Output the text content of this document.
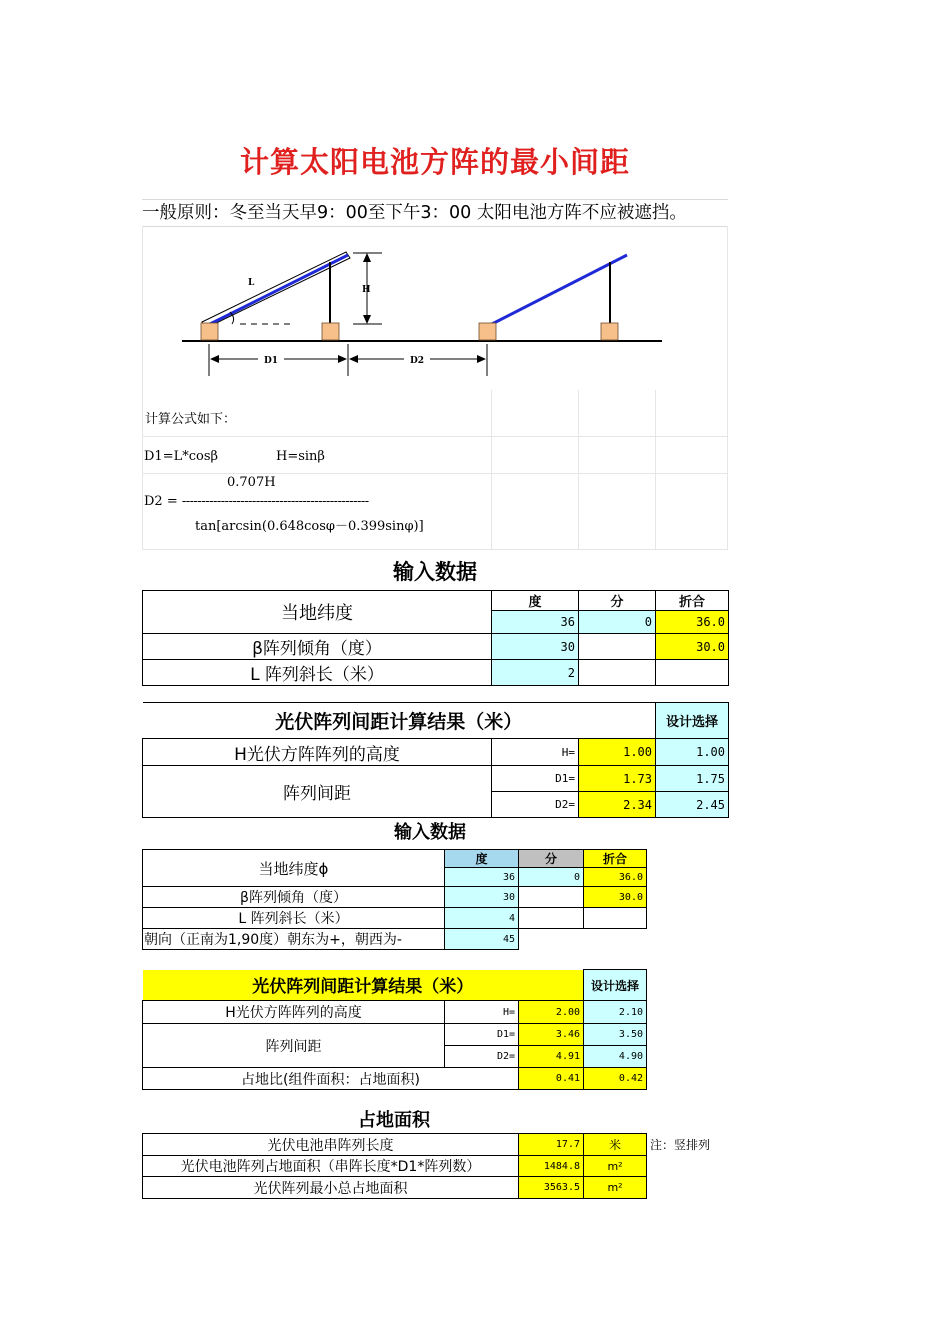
计算太阳电池方阵的最小间距
一般原则：冬至当天早9：00至下午3：00 太阳电池方阵不应被遮挡。
H
L
D1	D2
计算公式如下：
D1=L*cosβ	H=sinβ
0.707H
D2 = ------------------------------------------------
tan[arcsin(0.648cosφ－0.399sinφ)]
输入数据
当地纬度	度	分	折合
	36	0	36.0
β阵列倾角（度）	30		30.0
L 阵列斜长（米）	2		
光伏阵列间距计算结果（米）			设计选择
H光伏方阵阵列的高度	H=	1.00	1.00
阵列间距	D1=	1.73	1.75
	D2=	2.34	2.45
输入数据
当地纬度ϕ	度	分	折合
	36	0	36.0
β阵列倾角（度）	30		30.0
L 阵列斜长（米）	4		
朝向（正南为1,90度）朝东为+，朝西为-	45		
光伏阵列间距计算结果（米）			设计选择
H光伏方阵阵列的高度	H=	2.00	2.10
阵列间距	D1=	3.46	3.50
	D2=	4.91	4.90
占地比(组件面积：占地面积)		0.41	0.42
占地面积
光伏电池串阵列长度	17.7	米	注：竖排列
光伏电池阵列占地面积（串阵长度*D1*阵列数）	1484.8	m²	
光伏阵列最小总占地面积	3563.5	m²	
